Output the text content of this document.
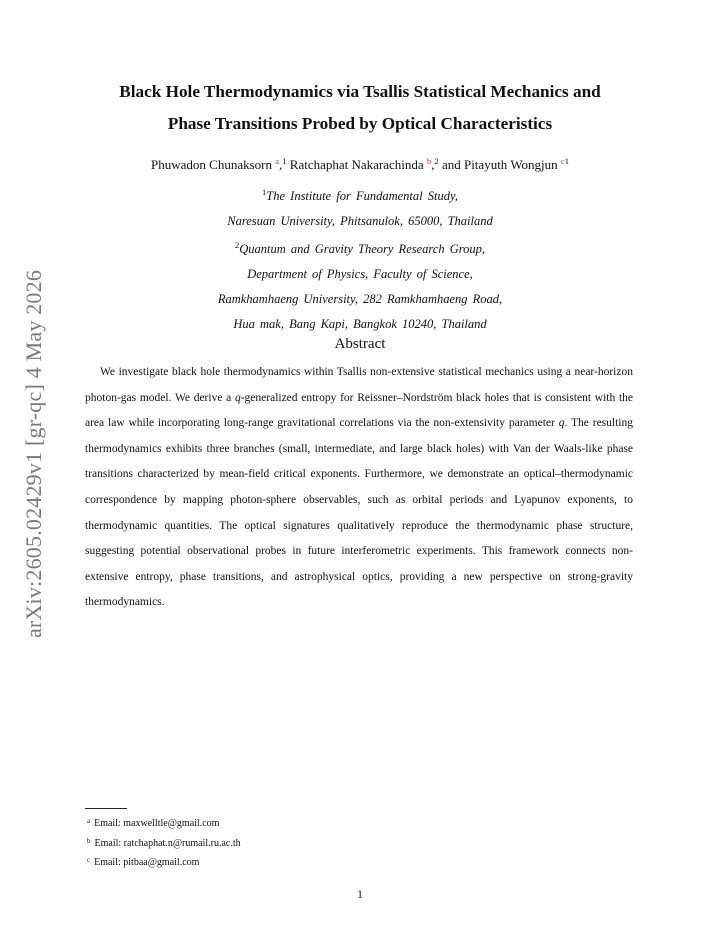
arXiv:2605.02429v1 [gr-qc] 4 May 2026
Black Hole Thermodynamics via Tsallis Statistical Mechanics and
Phase Transitions Probed by Optical Characteristics
Phuwadon Chunaksorn $^a$,$^1$ Ratchaphat Nakarachinda $^b$,$^2$ and Pitayuth Wongjun $^{c1}$
$^1$The Institute for Fundamental Study,
Naresuan University, Phitsanulok, 65000, Thailand
$^2$Quantum and Gravity Theory Research Group,
Department of Physics, Faculty of Science,
Ramkhamhaeng University, 282 Ramkhamhaeng Road,
Hua mak, Bang Kapi, Bangkok 10240, Thailand
Abstract

We investigate black hole thermodynamics within Tsallis non-extensive statistical mechanics using a near-horizon photon-gas model. We derive a q-generalized entropy for Reissner–Nordström black holes that is consistent with the area law while incorporating long-range gravitational correlations via the non-extensivity parameter q. The resulting thermodynamics exhibits three branches (small, intermediate, and large black holes) with Van der Waals-like phase transitions characterized by mean-field critical exponents. Furthermore, we demonstrate an optical–thermodynamic correspondence by mapping photon-sphere observables, such as orbital periods and Lyapunov exponents, to thermodynamic quantities. The optical signatures qualitatively reproduce the thermodynamic phase structure, suggesting potential observational probes in future interferometric experiments. This framework connects non-extensive entropy, phase transitions, and astrophysical optics, providing a new perspective on strong-gravity thermodynamics.

$^a$ Email: maxwelltle@gmail.com
$^b$ Email: ratchaphat.n@rumail.ru.ac.th
$^c$ Email: pitbaa@gmail.com
1
